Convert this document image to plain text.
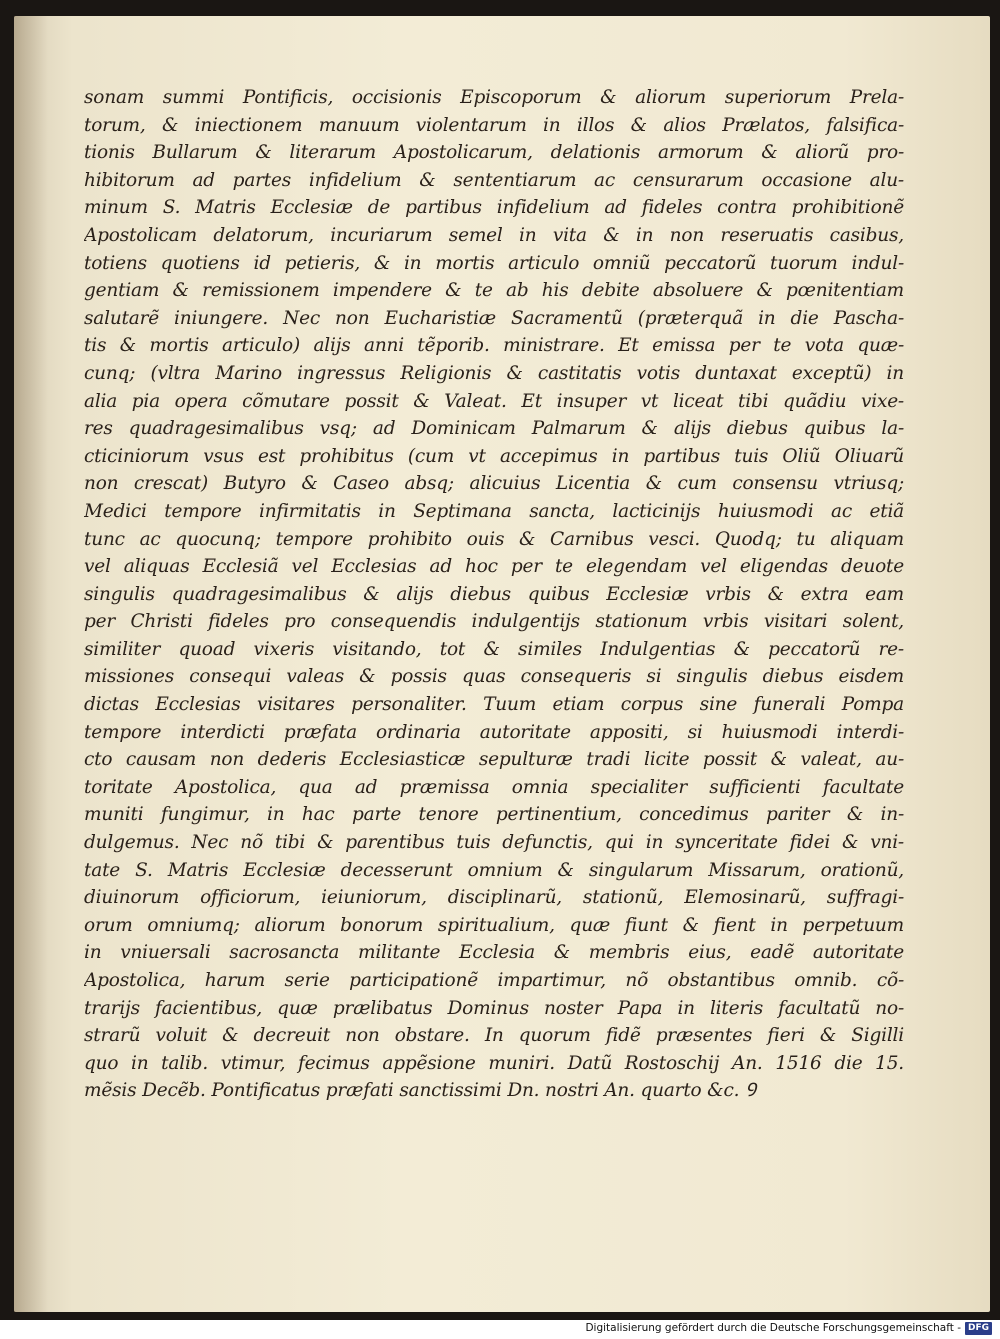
sonam summi Pontificis, occisionis Episcoporum & aliorum superiorum Prela-
torum, & iniectionem manuum violentarum in illos & alios Prælatos, falsifica-
tionis Bullarum & literarum Apostolicarum, delationis armorum & aliorũ pro-
hibitorum ad partes infidelium & sententiarum ac censurarum occasione alu-
minum S. Matris Ecclesiæ de partibus infidelium ad fideles contra prohibitionẽ
Apostolicam delatorum, incuriarum semel in vita & in non reseruatis casibus,
totiens quotiens id petieris, & in mortis articulo omniũ peccatorũ tuorum indul-
gentiam & remissionem impendere & te ab his debite absoluere & pœnitentiam
salutarẽ iniungere. Nec non Eucharistiæ Sacramentũ (præterquã in die Pascha-
tis & mortis articulo) alijs anni tẽporib. ministrare. Et emissa per te vota quæ-
cunq; (vltra Marino ingressus Religionis & castitatis votis duntaxat exceptũ) in
alia pia opera cõmutare possit & Valeat. Et insuper vt liceat tibi quãdiu vixe-
res quadragesimalibus vsq; ad Dominicam Palmarum & alijs diebus quibus la-
cticiniorum vsus est prohibitus (cum vt accepimus in partibus tuis Oliũ Oliuarũ
non crescat) Butyro & Caseo absq; alicuius Licentia & cum consensu vtriusq;
Medici tempore infirmitatis in Septimana sancta, lacticinijs huiusmodi ac etiã
tunc ac quocunq; tempore prohibito ouis & Carnibus vesci. Quodq; tu aliquam
vel aliquas Ecclesiã vel Ecclesias ad hoc per te elegendam vel eligendas deuote
singulis quadragesimalibus & alijs diebus quibus Ecclesiæ vrbis & extra eam
per Christi fideles pro consequendis indulgentijs stationum vrbis visitari solent,
similiter quoad vixeris visitando, tot & similes Indulgentias & peccatorũ re-
missiones consequi valeas & possis quas consequeris si singulis diebus eisdem
dictas Ecclesias visitares personaliter. Tuum etiam corpus sine funerali Pompa
tempore interdicti præfata ordinaria autoritate appositi, si huiusmodi interdi-
cto causam non dederis Ecclesiasticæ sepulturæ tradi licite possit & valeat, au-
toritate Apostolica, qua ad præmissa omnia specialiter sufficienti facultate
muniti fungimur, in hac parte tenore pertinentium, concedimus pariter & in-
dulgemus. Nec nõ tibi & parentibus tuis defunctis, qui in synceritate fidei & vni-
tate S. Matris Ecclesiæ decesserunt omnium & singularum Missarum, orationũ,
diuinorum officiorum, ieiuniorum, disciplinarũ, stationũ, Elemosinarũ, suffragi-
orum omniumq; aliorum bonorum spiritualium, quæ fiunt & fient in perpetuum
in vniuersali sacrosancta militante Ecclesia & membris eius, eadẽ autoritate
Apostolica, harum serie participationẽ impartimur, nõ obstantibus omnib. cõ-
trarijs facientibus, quæ prælibatus Dominus noster Papa in literis facultatũ no-
strarũ voluit & decreuit non obstare. In quorum fidẽ præsentes fieri & Sigilli
quo in talib. vtimur, fecimus appẽsione muniri. Datũ Rostoschij An. 1516 die 15.
mẽsis Decẽb. Pontificatus præfati sanctissimi Dn. nostri An. quarto &c. Ꝯ
Digitalisierung gefördert durch die Deutsche Forschungsgemeinschaft - DFG
